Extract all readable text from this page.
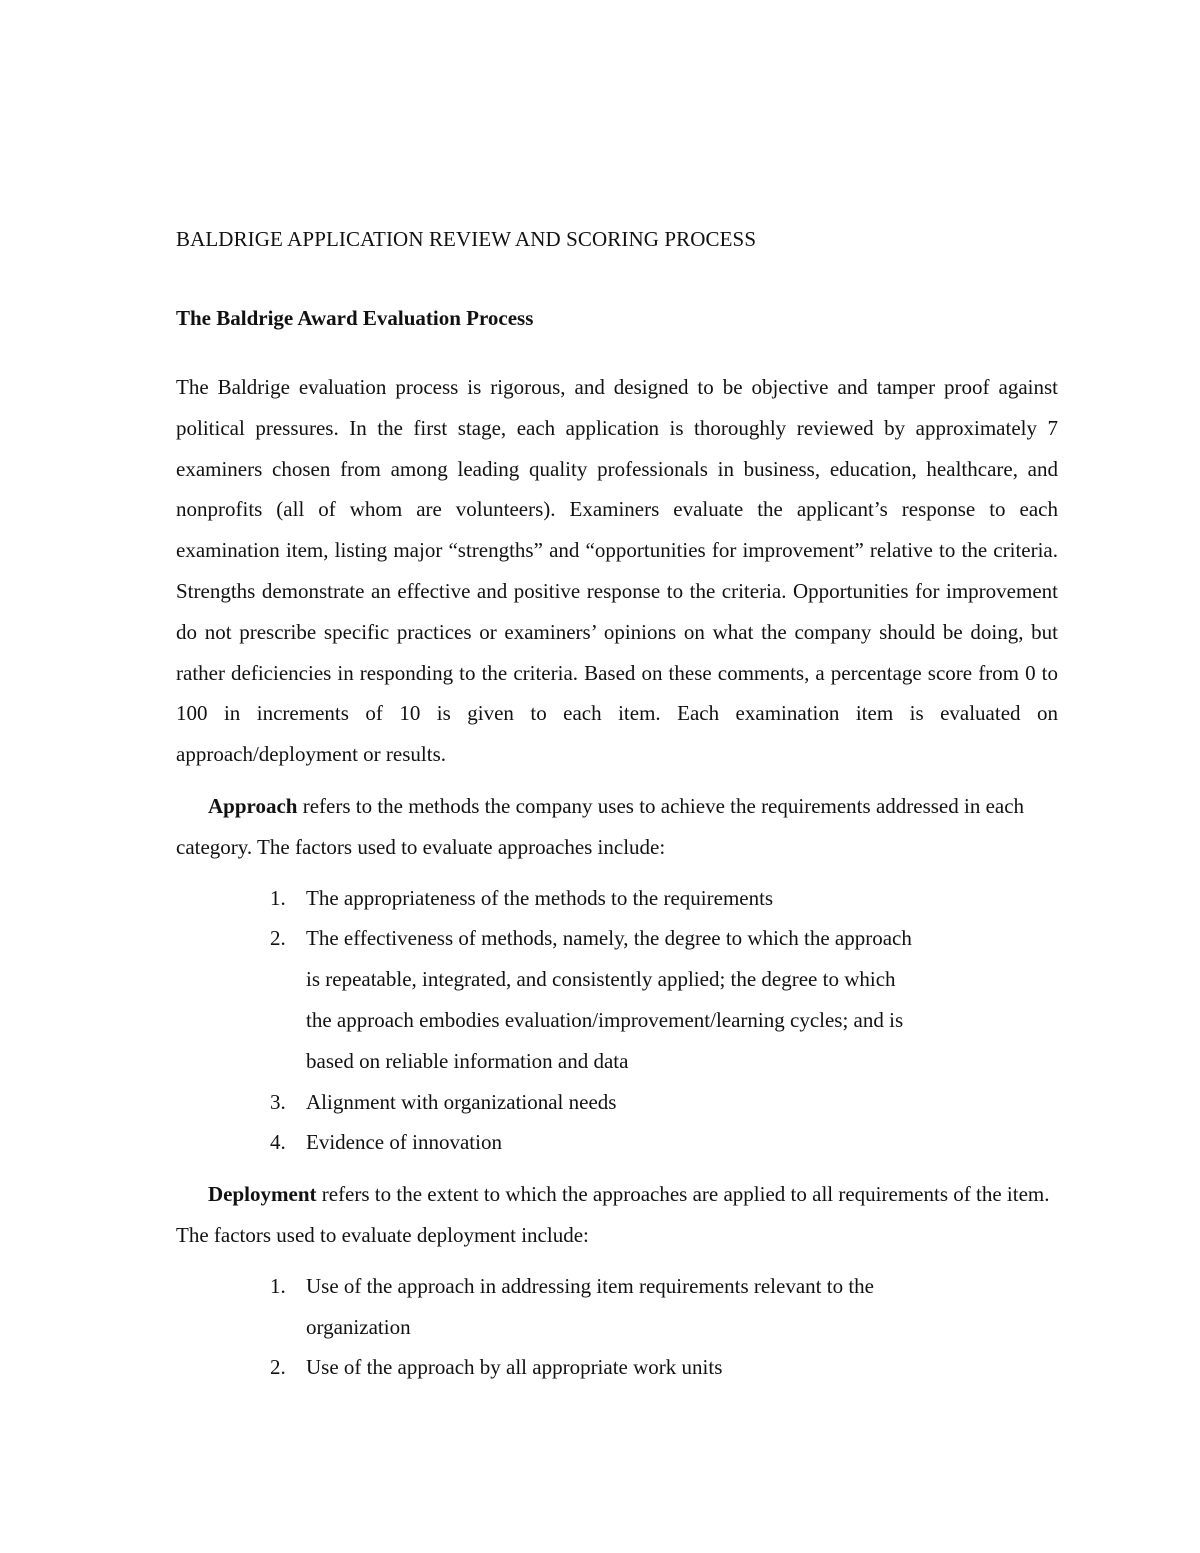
BALDRIGE APPLICATION REVIEW AND SCORING PROCESS
The Baldrige Award Evaluation Process

The Baldrige evaluation process is rigorous, and designed to be objective and tamper proof against political pressures. In the first stage, each application is thoroughly reviewed by approximately 7 examiners chosen from among leading quality professionals in business, education, healthcare, and nonprofits (all of whom are volunteers). Examiners evaluate the applicant’s response to each examination item, listing major “strengths” and “opportunities for improvement” relative to the criteria. Strengths demonstrate an effective and positive response to the criteria. Opportunities for improvement do not prescribe specific practices or examiners’ opinions on what the company should be doing, but rather deficiencies in responding to the criteria. Based on these comments, a percentage score from 0 to 100 in increments of 10 is given to each item. Each examination item is evaluated on approach/deployment or results.

Approach refers to the methods the company uses to achieve the requirements addressed in each category. The factors used to evaluate approaches include:

1. The appropriateness of the methods to the requirements
2. The effectiveness of methods, namely, the degree to which the approach is repeatable, integrated, and consistently applied; the degree to which the approach embodies evaluation/improvement/learning cycles; and is based on reliable information and data
3. Alignment with organizational needs
4. Evidence of innovation

Deployment refers to the extent to which the approaches are applied to all requirements of the item. The factors used to evaluate deployment include:

1. Use of the approach in addressing item requirements relevant to the organization
2. Use of the approach by all appropriate work units
